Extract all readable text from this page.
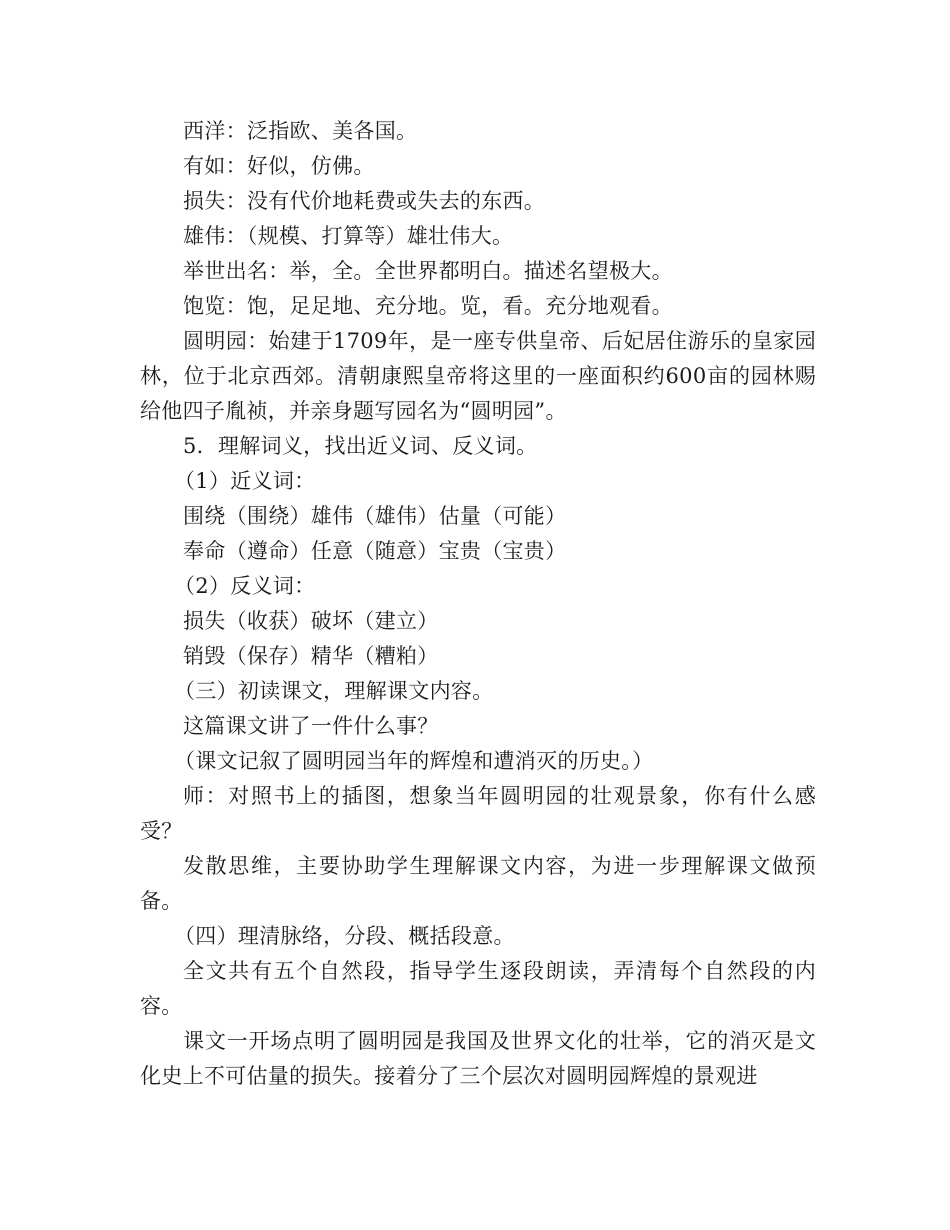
西洋：泛指欧、美各国。

有如：好似，仿佛。

损失：没有代价地耗费或失去的东西。

雄伟：（规模、打算等）雄壮伟大。

举世出名：举，全。全世界都明白。描述名望极大。

饱览：饱，足足地、充分地。览，看。充分地观看。

圆明园：始建于1709年，是一座专供皇帝、后妃居住游乐的皇家园林，位于北京西郊。清朝康熙皇帝将这里的一座面积约600亩的园林赐给他四子胤祯，并亲身题写园名为“圆明园”。

5．理解词义，找出近义词、反义词。

（1）近义词：

围绕（围绕）雄伟（雄伟）估量（可能）

奉命（遵命）任意（随意）宝贵（宝贵）

（2）反义词：

损失（收获）破坏（建立）

销毁（保存）精华（糟粕）

（三）初读课文，理解课文内容。

这篇课文讲了一件什么事？

（课文记叙了圆明园当年的辉煌和遭消灭的历史。）

师：对照书上的插图，想象当年圆明园的壮观景象，你有什么感受？

发散思维，主要协助学生理解课文内容，为进一步理解课文做预备。

（四）理清脉络，分段、概括段意。

全文共有五个自然段，指导学生逐段朗读，弄清每个自然段的内容。

课文一开场点明了圆明园是我国及世界文化的壮举，它的消灭是文化史上不可估量的损失。接着分了三个层次对圆明园辉煌的景观进
